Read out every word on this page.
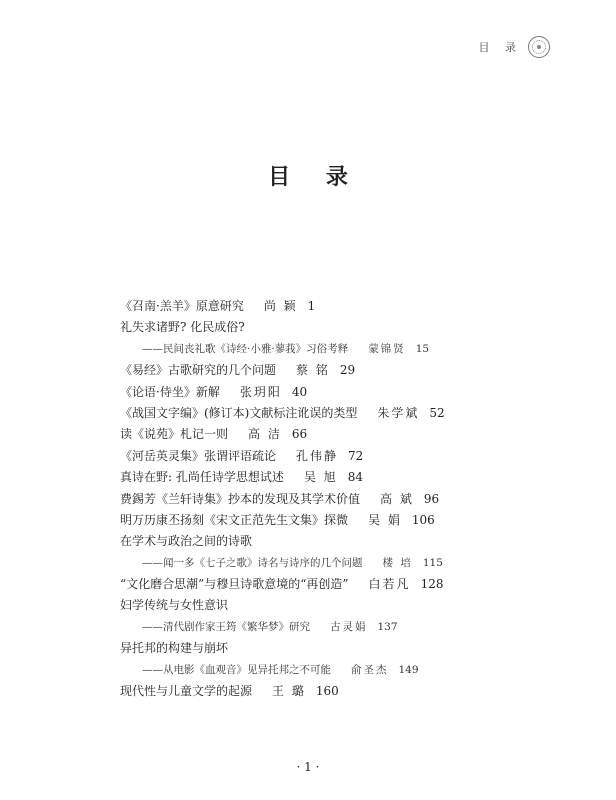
目 录
目 录
《召南·羔羊》原意研究 尚 颖 1
礼失求诸野? 化民成俗?
——民间丧礼歌《诗经·小雅·蓼莪》习俗考释 蒙锦贤 15
《易经》古歌研究的几个问题 蔡 铭 29
《论语·侍坐》新解 张玥阳 40
《战国文字编》(修订本)文献标注讹误的类型 朱学斌 52
读《说苑》札记一则 高 洁 66
《河岳英灵集》张谓评语疏论 孔伟静 72
真诗在野: 孔尚任诗学思想试述 吴 旭 84
费錫芳《兰轩诗集》抄本的发现及其学术价值 高 斌 96
明万历康丕扬刻《宋文正范先生文集》探微 吴 娟 106
在学术与政治之间的诗歌
——闻一多《七子之歌》诗名与诗序的几个问题 楼 培 115
“文化磨合思潮”与穆旦诗歌意境的“再创造” 白若凡 128
妇学传统与女性意识
——清代剧作家王筠《繁华梦》研究 古灵娟 137
异托邦的构建与崩坏
——从电影《血观音》见异托邦之不可能 俞圣杰 149
现代性与儿童文学的起源 王 璐 160
· 1 ·
